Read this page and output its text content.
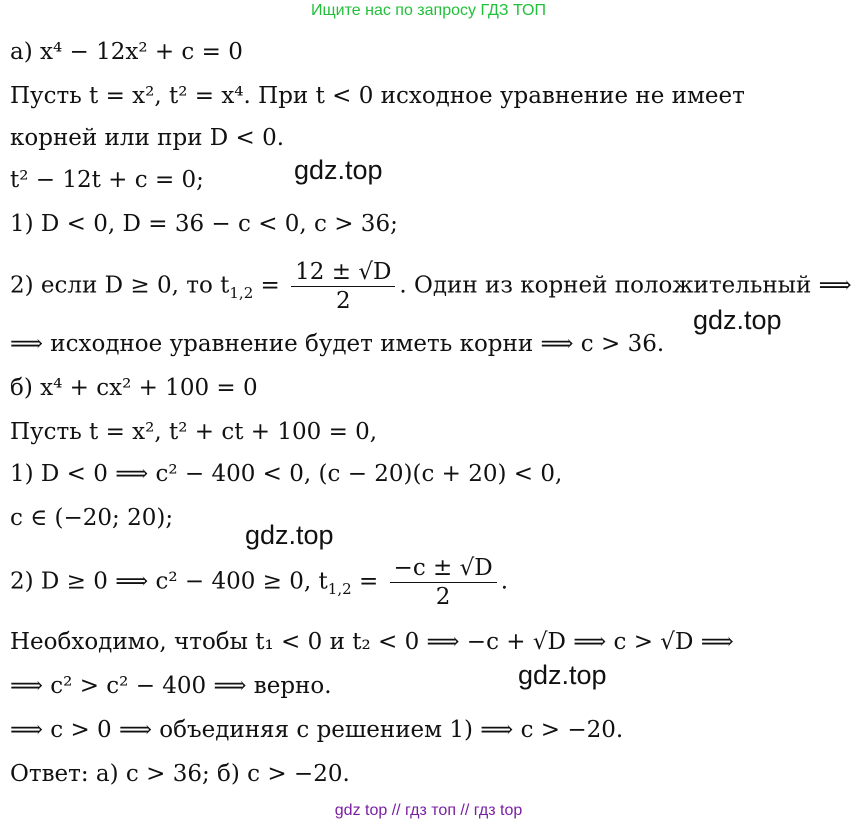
Ищите нас по запросу ГДЗ ТОП
а) x⁴ − 12x² + c = 0
Пусть t = x², t² = x⁴. При t < 0 исходное уравнение не имеет
корней или при D < 0.
t² − 12t + c = 0;
1) D < 0, D = 36 − c < 0, c > 36;
2) если D ≥ 0, то $t_{1,2} = \frac{12 \pm √D}{2}$ . Один из корней положительный ⟹
⟹ исходное уравнение будет иметь корни ⟹ c > 36.
б) x⁴ + cx² + 100 = 0
Пусть t = x², t² + ct + 100 = 0,
1) D < 0 ⟹ c² − 400 < 0, (c − 20)(c + 20) < 0,
c ∈ (−20; 20);
2) D ≥ 0 ⟹ c² − 400 ≥ 0, $t_{1,2} = \frac{-c \pm √D}{2}$ .
Необходимо, чтобы t₁ < 0 и t₂ < 0 ⟹ −c + √D ⟹ c > √D ⟹
⟹ c² > c² − 400 ⟹ верно.
⟹ c > 0 ⟹ объединяя с решением 1) ⟹ c > −20.
Ответ: а) c > 36; б) c > −20.
gdz.top
gdz.top
gdz.top
gdz.top
gdz top // гдз топ // гдз top
